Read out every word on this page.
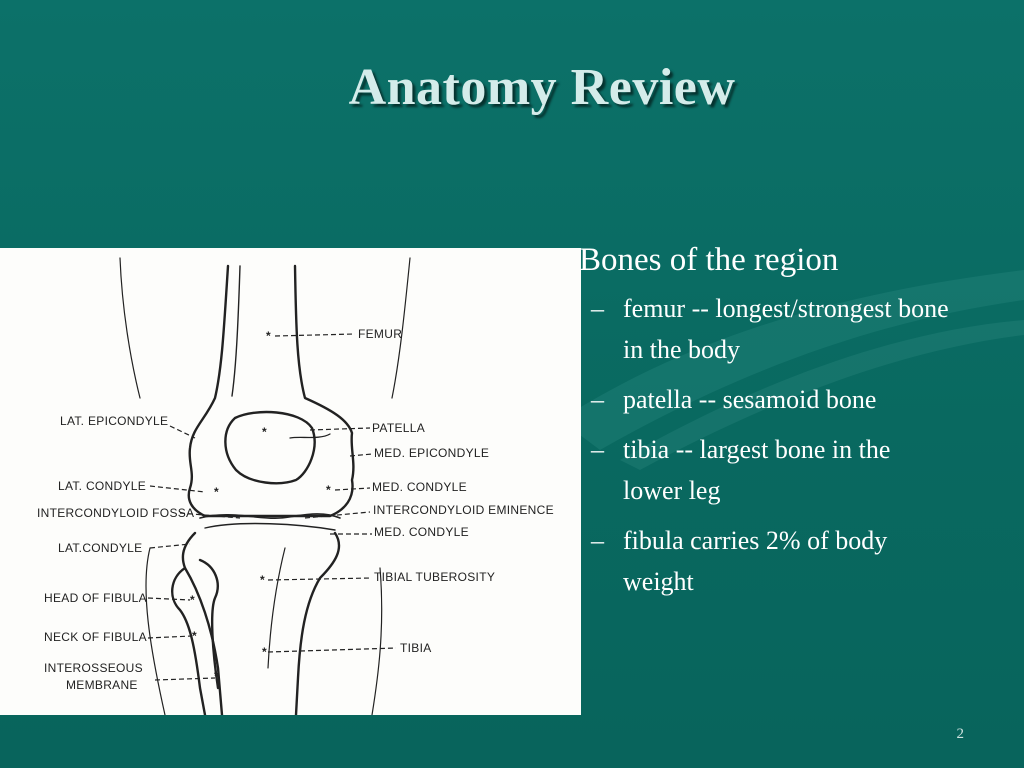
Anatomy Review
*
*
*	*
*
*
*
*
*
FEMUR
LAT. EPICONDYLE	PATELLA
MED. EPICONDYLE
LAT. CONDYLE	MED. CONDYLE
INTERCONDYLOID FOSSA	INTERCONDYLOID EMINENCE
MED. CONDYLE
LAT.CONDYLE
TIBIAL TUBEROSITY
HEAD OF FIBULA
NECK OF FIBULA
TIBIA
INTEROSSEOUS
MEMBRANE

Bones of the region

– femur -- longest/strongest bone in the body
– patella -- sesamoid bone
– tibia -- largest bone in the lower leg
– fibula carries 2% of body weight
2
